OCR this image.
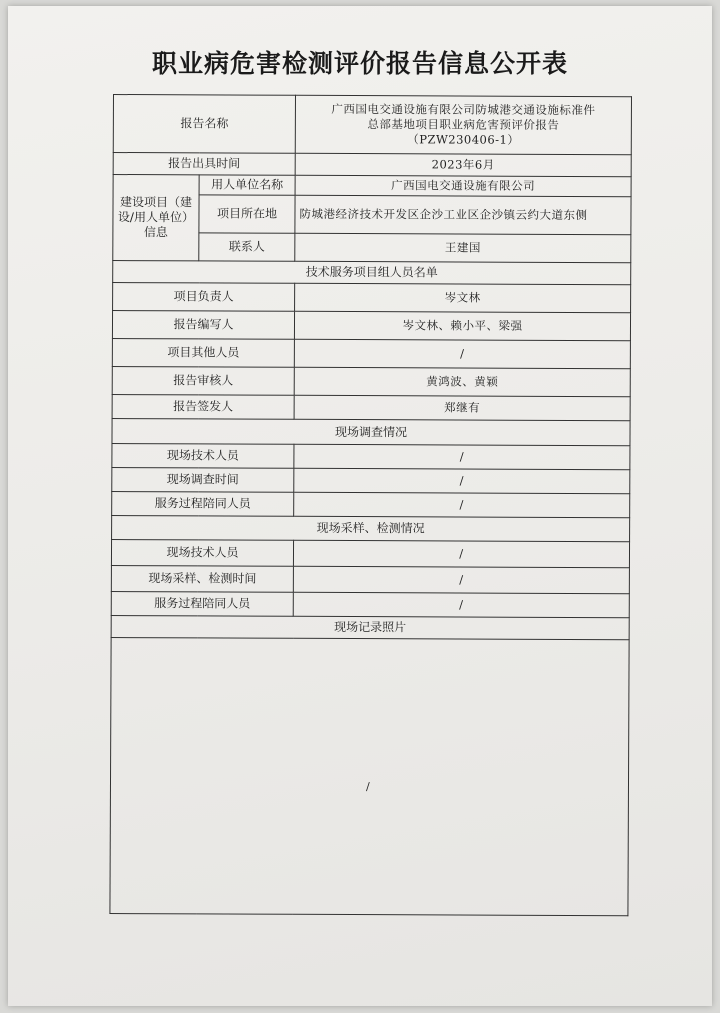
职业病危害检测评价报告信息公开表
报告名称		广西国电交通设施有限公司防城港交通设施标准件
总部基地项目职业病危害预评价报告
（PZW230406-1）

报告出具时间		2023年6月
建设项目（建设/用人单位）信息	用人单位名称	广西国电交通设施有限公司
	项目所在地	防城港经济技术开发区企沙工业区企沙镇云约大道东侧
	联系人	王建国
技术服务项目组人员名单		
项目负责人		岑文林
报告编写人		岑文林、赖小平、梁强
项目其他人员		/
报告审核人		黄鸿波、黄颖
报告签发人		郑继有
现场调查情况		
现场技术人员		/
现场调查时间		/
服务过程陪同人员		/
现场采样、检测情况		
现场技术人员		/
现场采样、检测时间		/
服务过程陪同人员		/
现场记录照片		

/		
